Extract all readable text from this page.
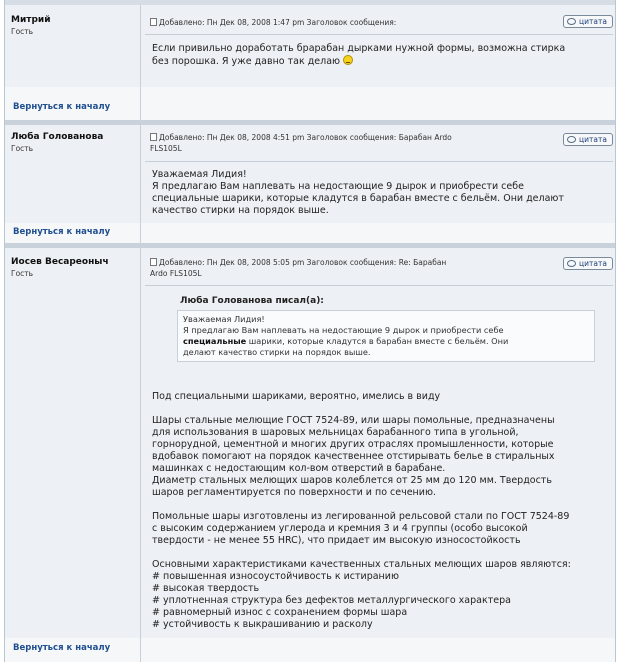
Митрий
Гость
Добавлено: Пн Дек 08, 2008 1:47 pm Заголовок сообщения:	цитата
Если привильно доработать брарабан дырками нужной формы, возможна стирка
без порошка. Я уже давно так делаю
Вернуться к началу
Люба Голованова
Гость
Добавлено: Пн Дек 08, 2008 4:51 pm Заголовок сообщения: Барабан Ardo
FLS105L
цитата
Уважаемая Лидия!
Я предлагаю Вам наплевать на недостающие 9 дырок и приобрести себе
специальные шарики, которые кладутся в барабан вместе с бельём. Они делают
качество стирки на порядок выше.
Вернуться к началу
Иосев Весареоныч
Гость
Добавлено: Пн Дек 08, 2008 5:05 pm Заголовок сообщения: Re: Барабан
Ardo FLS105L
цитата
Люба Голованова писал(а):
Уважаемая Лидия!
Я предлагаю Вам наплевать на недостающие 9 дырок и приобрести себе
специальные шарики, которые кладутся в барабан вместе с бельём. Они
делают качество стирки на порядок выше.
Под специальными шариками, вероятно, имелись в виду
Шары стальные мелющие ГОСТ 7524-89, или шары помольные, предназначены
для использования в шаровых мельницах барабанного типа в угольной,
горнорудной, цементной и многих других отраслях промышленности, которые
вдобавок помогают на порядок качественнее отстирывать белье в стиральных
машинках с недостающим кол-вом отверстий в барабане.
Диаметр стальных мелющих шаров колеблется от 25 мм до 120 мм. Твердость
шаров регламентируется по поверхности и по сечению.
Помольные шары изготовлены из легированной рельсовой стали по ГОСТ 7524-89
с высоким содержанием углерода и кремния 3 и 4 группы (особо высокой
твердости - не менее 55 HRC), что придает им высокую износостойкость
Основными характеристиками качественных стальных мелющих шаров являются:
# повышенная износоустойчивость к истиранию
# высокая твердость
# уплотненная структура без дефектов металлургического характера
# равномерный износ с сохранением формы шара
# устойчивость к выкрашиванию и расколу
Вернуться к началу
